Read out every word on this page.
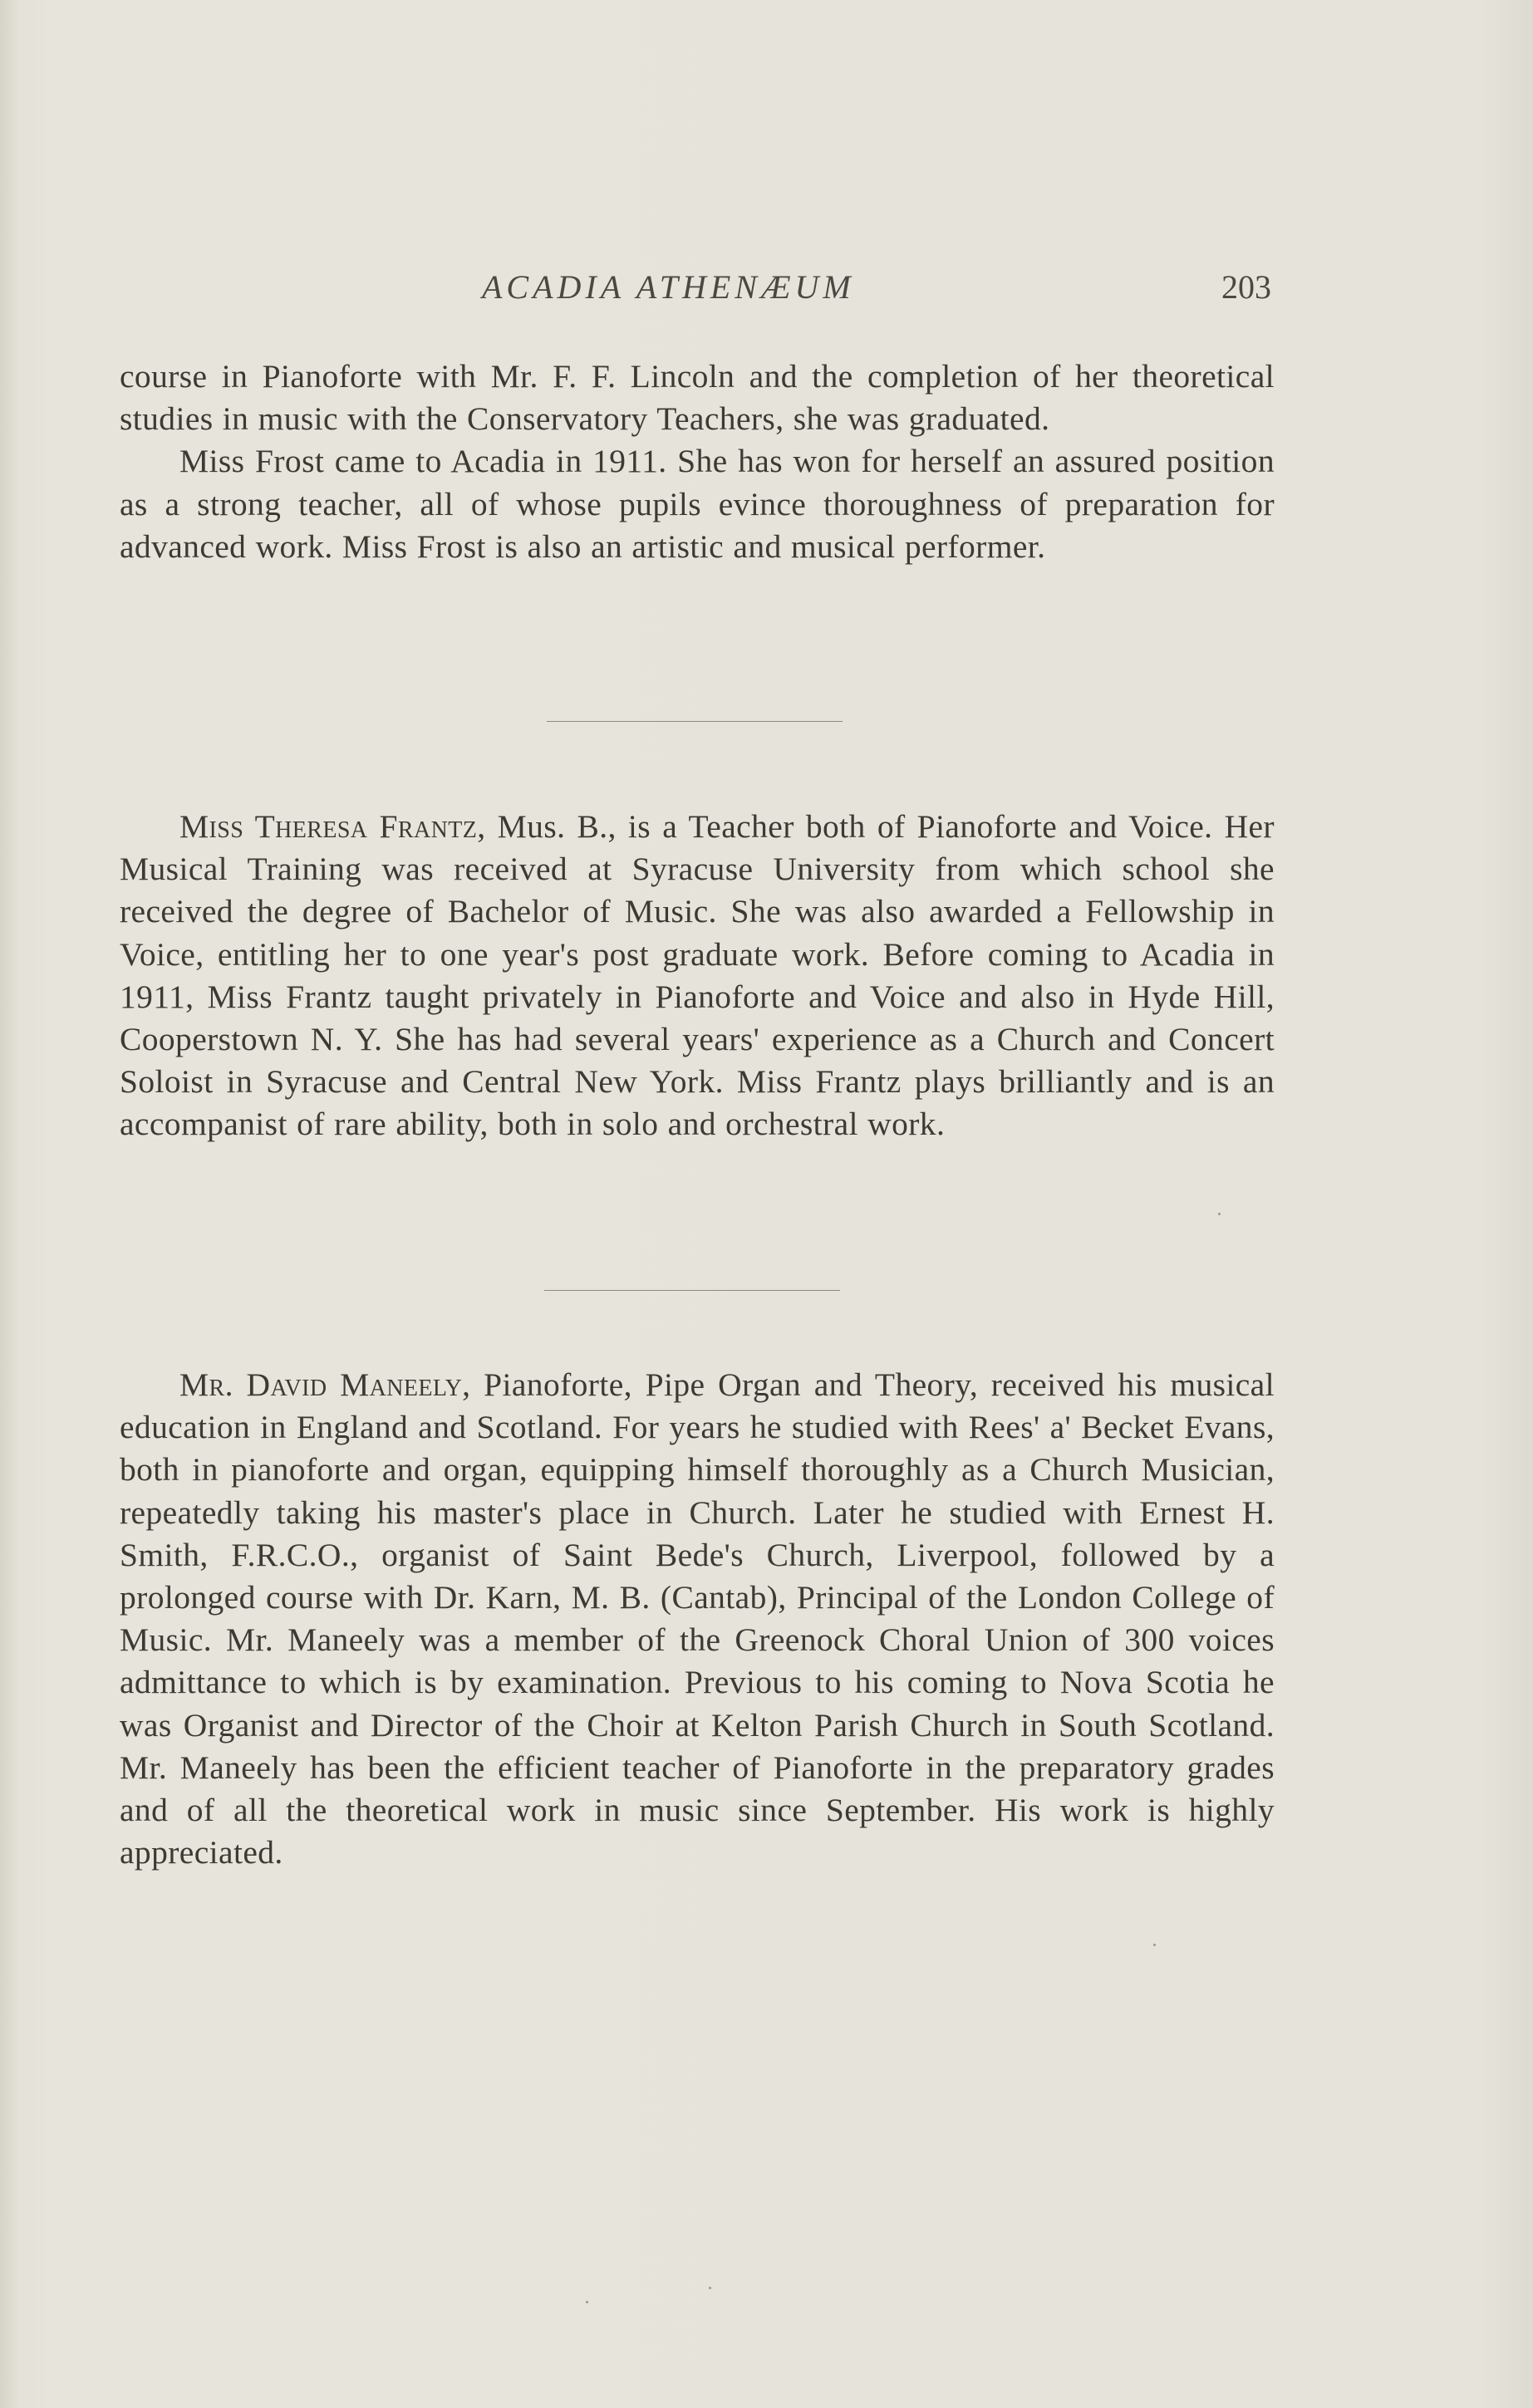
ACADIA ATHENÆUM	203

course in Pianoforte with Mr. F. F. Lincoln and the completion of her theoretical studies in music with the Conservatory Teachers, she was graduated.

Miss Frost came to Acadia in 1911. She has won for herself an assured position as a strong teacher, all of whose pupils evince thoroughness of preparation for advanced work. Miss Frost is also an artistic and musical performer.

Miss Theresa Frantz, Mus. B., is a Teacher both of Pianoforte and Voice. Her Musical Training was received at Syracuse University from which school she received the degree of Bachelor of Music. She was also awarded a Fellowship in Voice, entitling her to one year's post graduate work. Before coming to Acadia in 1911, Miss Frantz taught privately in Pianoforte and Voice and also in Hyde Hill, Cooperstown N. Y. She has had several years' experience as a Church and Concert Soloist in Syracuse and Central New York. Miss Frantz plays brilliantly and is an accompanist of rare ability, both in solo and orchestral work.

Mr. David Maneely, Pianoforte, Pipe Organ and Theory, received his musical education in England and Scotland. For years he studied with Rees' a' Becket Evans, both in pianoforte and organ, equipping himself thoroughly as a Church Musician, repeatedly taking his master's place in Church. Later he studied with Ernest H. Smith, F.R.C.O., organist of Saint Bede's Church, Liverpool, followed by a prolonged course with Dr. Karn, M. B. (Cantab), Principal of the London College of Music. Mr. Maneely was a member of the Greenock Choral Union of 300 voices admittance to which is by examination. Previous to his coming to Nova Scotia he was Organist and Director of the Choir at Kelton Parish Church in South Scotland. Mr. Maneely has been the efficient teacher of Pianoforte in the preparatory grades and of all the theoretical work in music since September. His work is highly appreciated.
